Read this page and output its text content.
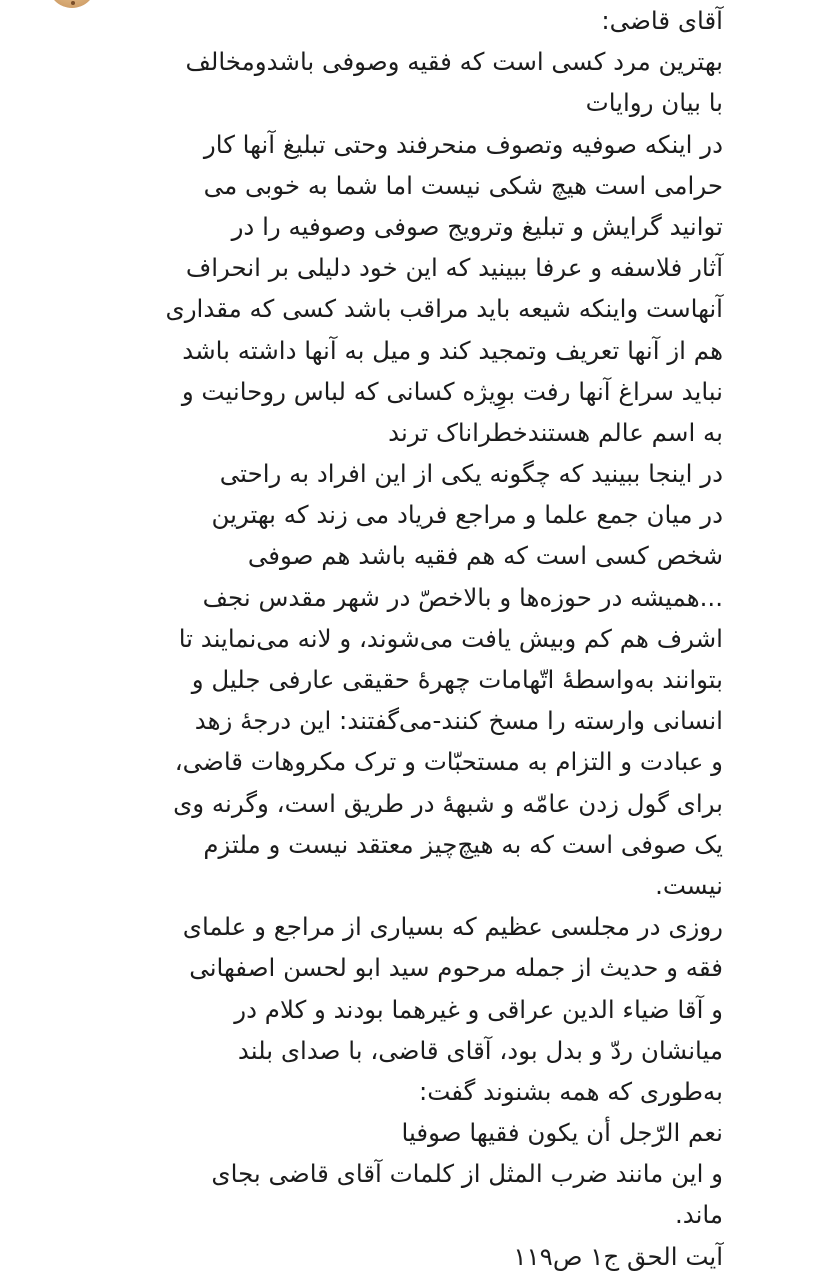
آقای قاضی:
بهترین مرد کسی است که فقیه وصوفی باشدومخالف
با بیان روایات
در اینکه صوفیه وتصوف منحرفند وحتی تبلیغ آنها کار
حرامی است هیچ شکی نیست اما شما به خوبی می
توانید گرایش و تبلیغ وترویج صوفی وصوفیه را در
آثار فلاسفه و عرفا ببینید که این خود دلیلی بر انحراف
آنهاست واینکه شیعه باید مراقب باشد کسی که مقداری
هم از آنها تعریف وتمجید کند و میل به آنها داشته باشد
نباید سراغ آنها رفت بوِیژه کسانی که لباس روحانیت و
به اسم عالم هستندخطراناک ترند
در اینجا ببینید که چگونه یکی از این افراد به راحتی
در میان جمع علما و مراجع فریاد می زند که بهترین
شخص کسی است که هم فقیه باشد هم صوفی
...همیشه در حوزه‌ها و بالاخصّ در شهر مقدس نجف
اشرف هم کم وبیش یافت می‌شوند، و لانه می‌نمایند تا
بتوانند به‌واسطۀ اتّهامات چهرۀ حقیقی عارفی جلیل و
انسانی وارسته را مسخ کنند-می‌گفتند: این درجۀ زهد
و عبادت و التزام به مستحبّات و ترک مکروهات قاضی،
برای گول زدن عامّه و شبهۀ در طریق است، وگرنه وی
یک صوفی است که به هیچ‌چیز معتقد نیست و ملتزم
نیست.
روزی در مجلسی عظیم که بسیاری از مراجع و علمای
فقه و حدیث از جمله مرحوم سید ابو لحسن اصفهانی
و آقا ضیاء الدین عراقی و غیرهما بودند و کلام در
میانشان ردّ و بدل بود، آقای قاضی، با صدای بلند
به‌طوری که همه بشنوند گفت:
نعم الرّجل أن یکون فقیها صوفیا
و این مانند ضرب المثل از کلمات آقای قاضی بجای
ماند.
آیت الحق ج۱ ص۱۱۹
